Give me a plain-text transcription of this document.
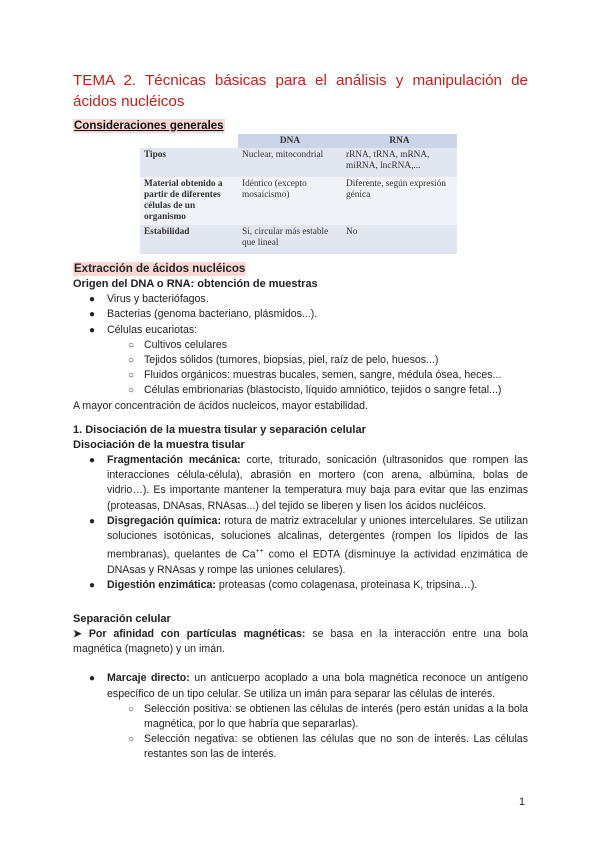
TEMA 2. Técnicas básicas para el análisis y manipulación de ácidos nucléicos
Consideraciones generales
	DNA	RNA
Tipos	Nuclear, mitocondrial	rRNA, tRNA, mRNA, miRNA, lncRNA,...
Material obtenido a partir de diferentes células de un organismo	Idéntico (excepto mosaicismo)	Diferente, según expresión génica
Estabilidad	Sí, circular más estable que lineal	No
Extracción de ácidos nucléicos
Origen del DNA o RNA: obtención de muestras
● Virus y bacteriófagos.
● Bacterias (genoma bacteriano, plásmidos...).
● Células eucariotas:
○ Cultivos celulares
○ Tejidos sólidos (tumores, biopsias, piel, raíz de pelo, huesos...)
○ Fluidos orgánicos: muestras bucales, semen, sangre, médula ósea, heces...
○ Células embrionarias (blastocisto, líquido amniótico, tejidos o sangre fetal...)
A mayor concentración de ácidos nucleicos, mayor estabilidad.
1. Disociación de la muestra tisular y separación celular
Disociación de la muestra tisular
● Fragmentación mecánica: corte, triturado, sonicación (ultrasonidos que rompen las interacciones célula-célula), abrasión en mortero (con arena, albúmina, bolas de vidrio…). Es importante mantener la temperatura muy baja para evitar que las enzimas (proteasas, DNAsas, RNAsas...) del tejido se liberen y lisen los ácidos nucléicos.
● Disgregación química: rotura de matriz extracelular y uniones intercelulares. Se utilizan soluciones isotónicas, soluciones alcalinas, detergentes (rompen los lípidos de las membranas), quelantes de Ca++ como el EDTA (disminuye la actividad enzimática de DNAsas y RNAsas y rompe las uniones celulares).
● Digestión enzimática: proteasas (como colagenasa, proteinasa K, tripsina…).
Separación celular
➤ Por afinidad con partículas magnéticas: se basa en la interacción entre una bola magnética (magneto) y un imán.
● Marcaje directo: un anticuerpo acoplado a una bola magnética reconoce un antígeno específico de un tipo celular. Se utiliza un imán para separar las células de interés.
○ Selección positiva: se obtienen las células de interés (pero están unidas a la bola magnética, por lo que habría que separarlas).
○ Selección negativa: se obtienen las células que no son de interés. Las células restantes son las de interés.
1
